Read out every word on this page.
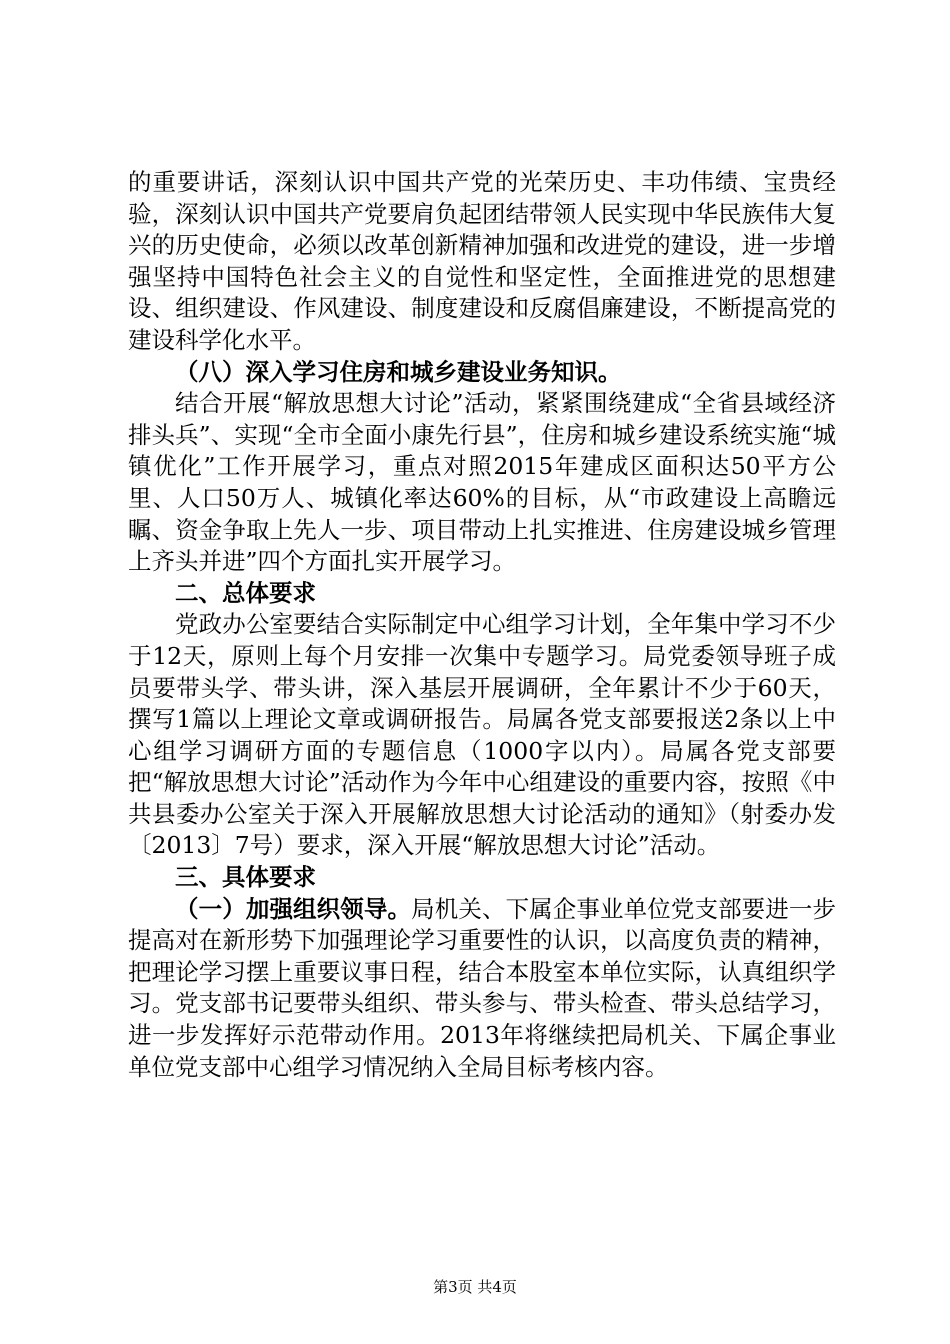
的重要讲话，深刻认识中国共产党的光荣历史、丰功伟绩、宝贵经验，深刻认识中国共产党要肩负起团结带领人民实现中华民族伟大复兴的历史使命，必须以改革创新精神加强和改进党的建设，进一步增强坚持中国特色社会主义的自觉性和坚定性，全面推进党的思想建设、组织建设、作风建设、制度建设和反腐倡廉建设，不断提高党的建设科学化水平。

（八）深入学习住房和城乡建设业务知识。

结合开展“解放思想大讨论”活动，紧紧围绕建成“全省县域经济排头兵”、实现“全市全面小康先行县”，住房和城乡建设系统实施“城镇优化”工作开展学习，重点对照2015年建成区面积达50平方公里、人口50万人、城镇化率达60%的目标，从“市政建设上高瞻远瞩、资金争取上先人一步、项目带动上扎实推进、住房建设城乡管理上齐头并进”四个方面扎实开展学习。

二、总体要求

党政办公室要结合实际制定中心组学习计划，全年集中学习不少于12天，原则上每个月安排一次集中专题学习。局党委领导班子成员要带头学、带头讲，深入基层开展调研，全年累计不少于60天，撰写1篇以上理论文章或调研报告。局属各党支部要报送2条以上中心组学习调研方面的专题信息（1000字以内）。局属各党支部要把“解放思想大讨论”活动作为今年中心组建设的重要内容，按照《中共县委办公室关于深入开展解放思想大讨论活动的通知》（射委办发〔2013〕7号）要求，深入开展“解放思想大讨论”活动。

三、具体要求

（一）加强组织领导。局机关、下属企事业单位党支部要进一步提高对在新形势下加强理论学习重要性的认识，以高度负责的精神，把理论学习摆上重要议事日程，结合本股室本单位实际，认真组织学习。党支部书记要带头组织、带头参与、带头检查、带头总结学习，进一步发挥好示范带动作用。2013年将继续把局机关、下属企事业单位党支部中心组学习情况纳入全局目标考核内容。

第3页 共4页
